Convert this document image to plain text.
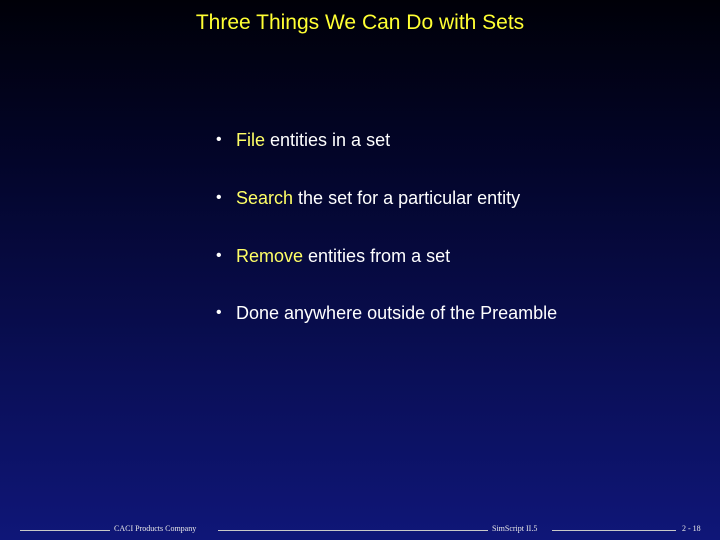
Three Things We Can Do with Sets
• File entities in a set
• Search the set for a particular entity
• Remove entities from a set
• Done anywhere outside of the Preamble
CACI Products Company	SimScript II.5	2 - 18
